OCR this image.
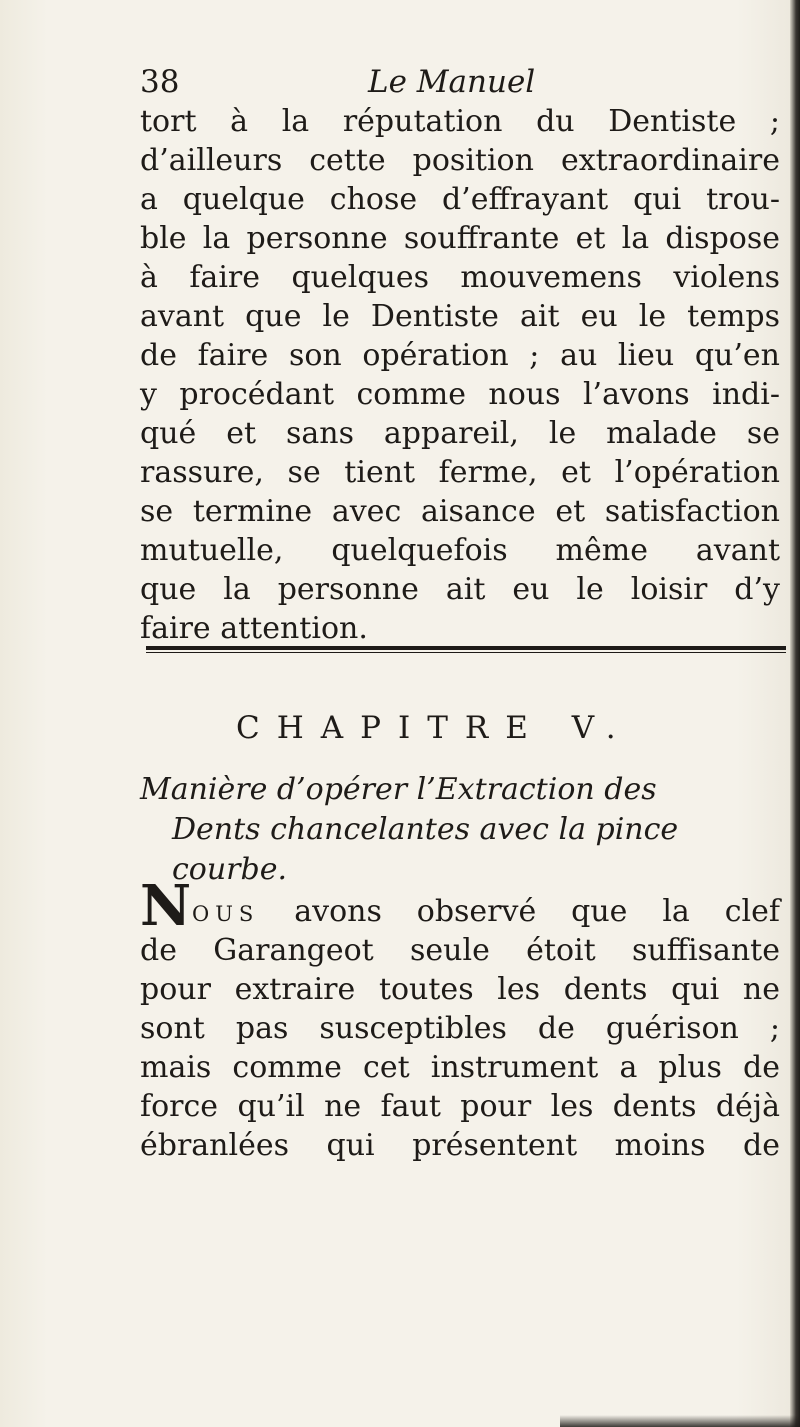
38	Le Manuel
tort à la réputation du Dentiste ;
d’ailleurs cette position extraordinaire
a quelque chose d’effrayant qui trou-
ble la personne souffrante et la dispose
à faire quelques mouvemens violens
avant que le Dentiste ait eu le temps
de faire son opération ; au lieu qu’en
y procédant comme nous l’avons indi-
qué et sans appareil, le malade se
rassure, se tient ferme, et l’opération
se termine avec aisance et satisfaction
mutuelle, quelquefois même avant
que la personne ait eu le loisir d’y
faire attention.
CHAPITRE V.
Manière d’opérer l’Extraction des
Dents chancelantes avec la pince
courbe.
N ous avons observé que la clef
de Garangeot seule étoit suffisante
pour extraire toutes les dents qui ne
sont pas susceptibles de guérison ;
mais comme cet instrument a plus de
force qu’il ne faut pour les dents déjà
ébranlées qui présentent moins de
